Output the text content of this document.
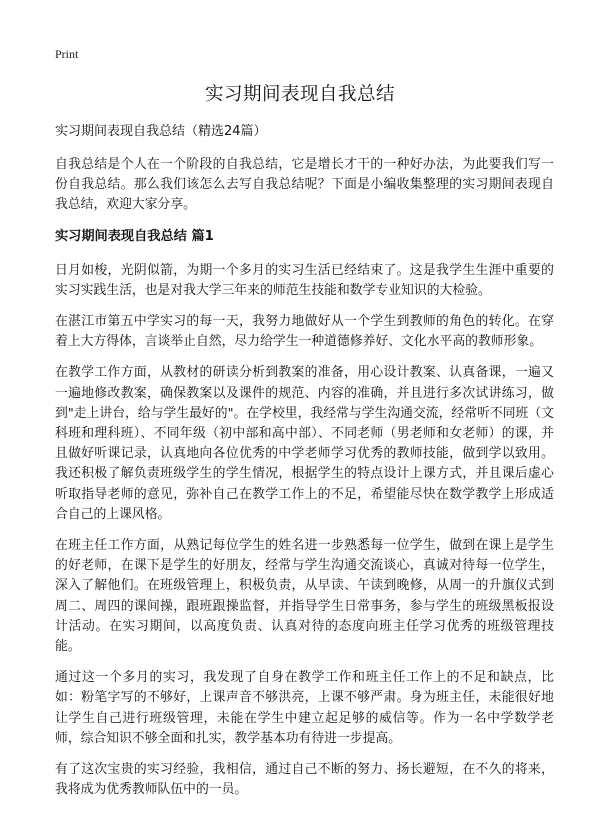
Print
实习期间表现自我总结
实习期间表现自我总结（精选24篇）

自我总结是个人在一个阶段的自我总结，它是增长才干的一种好办法，为此要我们写一份自我总结。那么我们该怎么去写自我总结呢？下面是小编收集整理的实习期间表现自我总结，欢迎大家分享。

实习期间表现自我总结 篇1

日月如梭，光阴似箭，为期一个多月的实习生活已经结束了。这是我学生生涯中重要的实习实践生活，也是对我大学三年来的师范生技能和数学专业知识的大检验。

在湛江市第五中学实习的每一天，我努力地做好从一个学生到教师的角色的转化。在穿着上大方得体，言谈举止自然，尽力给学生一种道德修养好、文化水平高的教师形象。

在教学工作方面，从教材的研读分析到教案的准备，用心设计教案、认真备课，一遍又一遍地修改教案，确保教案以及课件的规范、内容的准确，并且进行多次试讲练习，做到"走上讲台，给与学生最好的"。在学校里，我经常与学生沟通交流，经常听不同班（文科班和理科班）、不同年级（初中部和高中部）、不同老师（男老师和女老师）的课，并且做好听课记录，认真地向各位优秀的中学老师学习优秀的教师技能，做到学以致用。我还积极了解负责班级学生的学生情况，根据学生的特点设计上课方式，并且课后虚心听取指导老师的意见，弥补自己在教学工作上的不足，希望能尽快在数学教学上形成适合自己的上课风格。

在班主任工作方面，从熟记每位学生的姓名进一步熟悉每一位学生，做到在课上是学生的好老师，在课下是学生的好朋友，经常与学生沟通交流谈心，真诚对待每一位学生，深入了解他们。在班级管理上，积极负责，从早读、午读到晚修，从周一的升旗仪式到周二、周四的课间操，跟班跟操监督，并指导学生日常事务，参与学生的班级黑板报设计活动。在实习期间，以高度负责、认真对待的态度向班主任学习优秀的班级管理技能。

通过这一个多月的实习，我发现了自身在教学工作和班主任工作上的不足和缺点，比如：粉笔字写的不够好，上课声音不够洪亮，上课不够严肃。身为班主任，未能很好地让学生自己进行班级管理，未能在学生中建立起足够的威信等。作为一名中学数学老师，综合知识不够全面和扎实，教学基本功有待进一步提高。

有了这次宝贵的实习经验，我相信，通过自己不断的努力、扬长避短，在不久的将来，我将成为优秀教师队伍中的一员。
